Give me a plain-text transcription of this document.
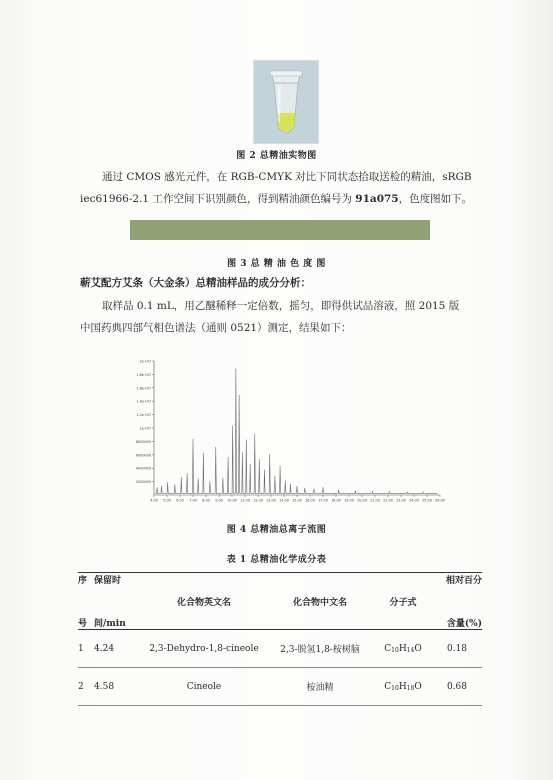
图 2 总精油实物图
通过 CMOS 感光元件，在 RGB-CMYK 对比下同状态拾取送检的精油，sRGB
iec61966-2.1 工作空间下识别颜色，得到精油颜色编号为 91a075，色度图如下。
图 3 总 精 油 色 度 图
蕲艾配方艾条（大金条）总精油样品的成分分析：
取样品 0.1 mL，用乙醚稀释一定倍数，摇匀，即得供试品溶液，照 2015 版
中国药典四部气相色谱法（通则 0521）测定，结果如下：
2000000
4000000
6000000
8000000
1e+07
1.2e+07
1.4e+07
1.6e+07
1.8e+07
2e+07
4.00 5.00 6.00 7.00 8.00 9.00 10.00 11.00 12.00 13.00 14.00 15.00 16.00 17.00 18.00 19.00 20.00 21.00 22.00 23.00 24.00 25.00 26.00
图 4 总精油总离子流图
表 1 总精油化学成分表
序
号	保留时
间/min	化合物英文名	化合物中文名	分子式	相对百分
含量(%)

1	4.24	2,3-Dehydro-1,8-cineole	2,3-脱氢1,8-桉树脑	C10H14O	0.18
2	4.58	Cineole	桉油精	C10H18O	0.68
